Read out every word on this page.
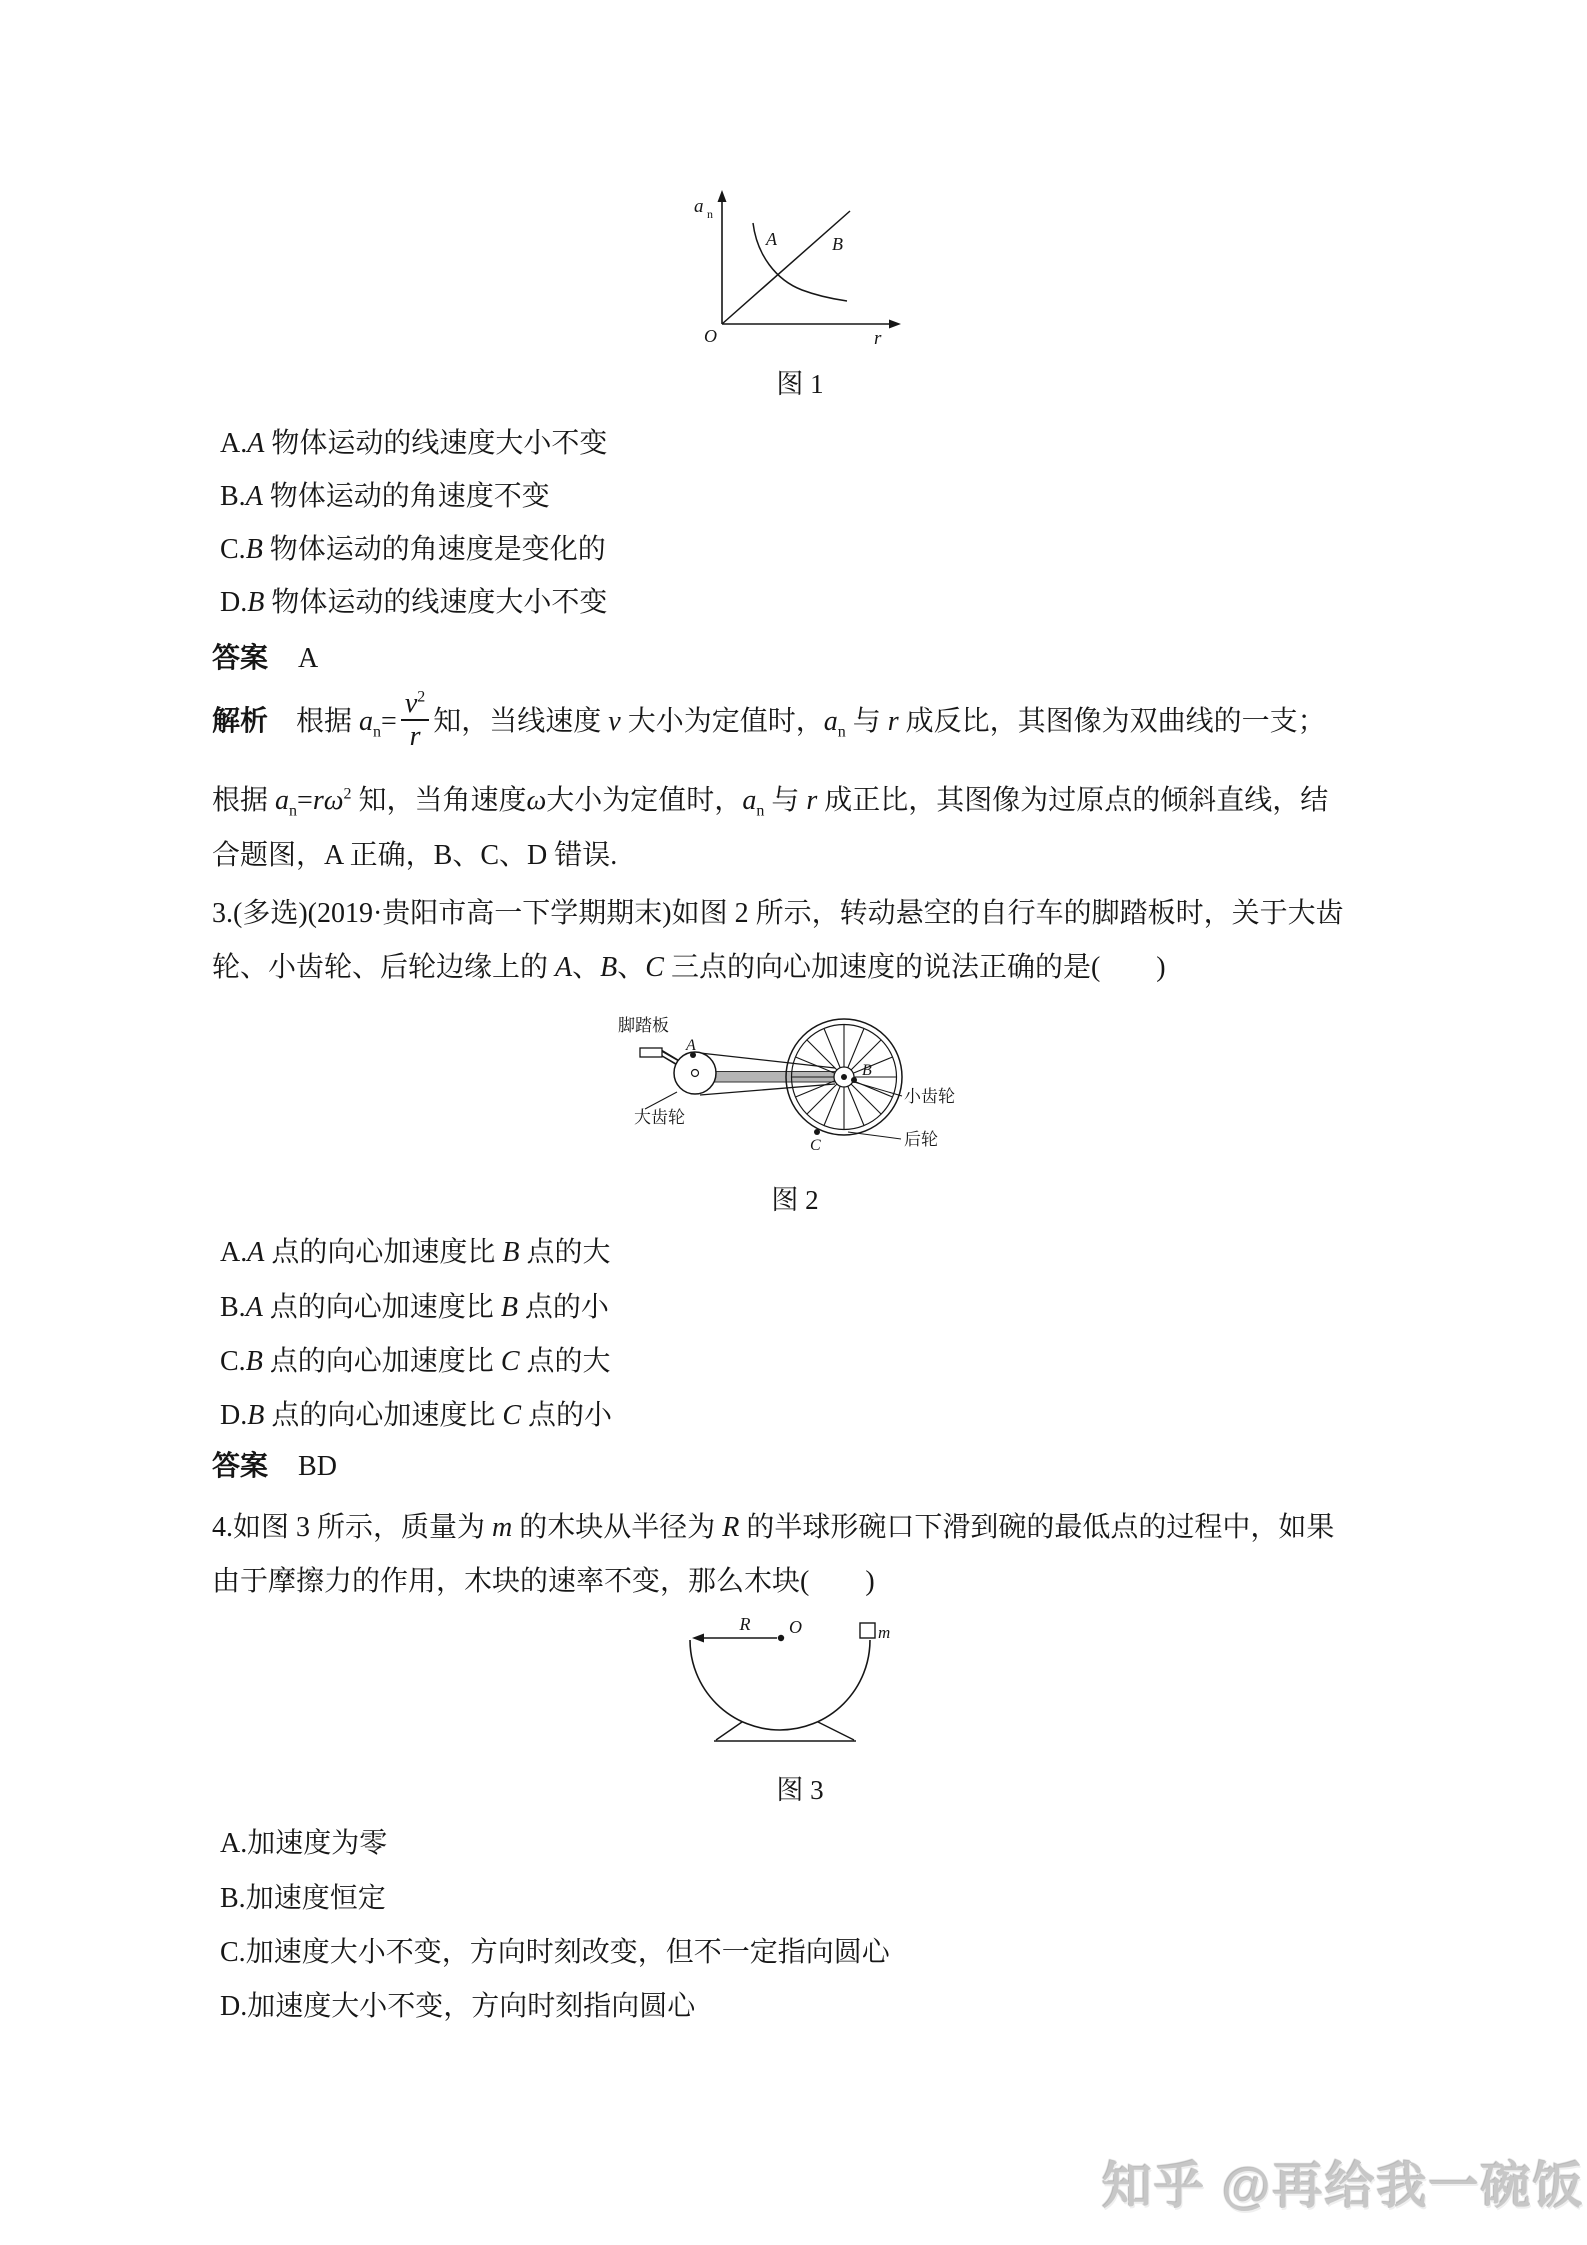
a n
A	B
O	r
图 1
A.A 物体运动的线速度大小不变
B.A 物体运动的角速度不变
C.B 物体运动的角速度是变化的
D.B 物体运动的线速度大小不变
答案 A
解析 根据 $a_n= \frac{v^2}{r}$ 知，当线速度 v 大小为定值时，$a_n$ 与 r 成反比，其图像为双曲线的一支；
根据 $a_n=r\omega^2$ 知，当角速度ω大小为定值时，$a_n$ 与 r 成正比，其图像为过原点的倾斜直线，结
合题图，A 正确，B、C、D 错误.
3.(多选)(2019·贵阳市高一下学期期末)如图 2 所示，转动悬空的自行车的脚踏板时，关于大齿
轮、小齿轮、后轮边缘上的 A、B、C 三点的向心加速度的说法正确的是(　　)
脚踏板
A
B
C
大齿轮
小齿轮
后轮
图 2
A.A 点的向心加速度比 B 点的大
B.A 点的向心加速度比 B 点的小
C.B 点的向心加速度比 C 点的大
D.B 点的向心加速度比 C 点的小
答案 BD
4.如图 3 所示，质量为 m 的木块从半径为 R 的半球形碗口下滑到碗的最低点的过程中，如果
由于摩擦力的作用，木块的速率不变，那么木块(　　)
R O	m
图 3
A.加速度为零
B.加速度恒定
C.加速度大小不变，方向时刻改变，但不一定指向圆心
D.加速度大小不变，方向时刻指向圆心
知乎 @再给我一碗饭
